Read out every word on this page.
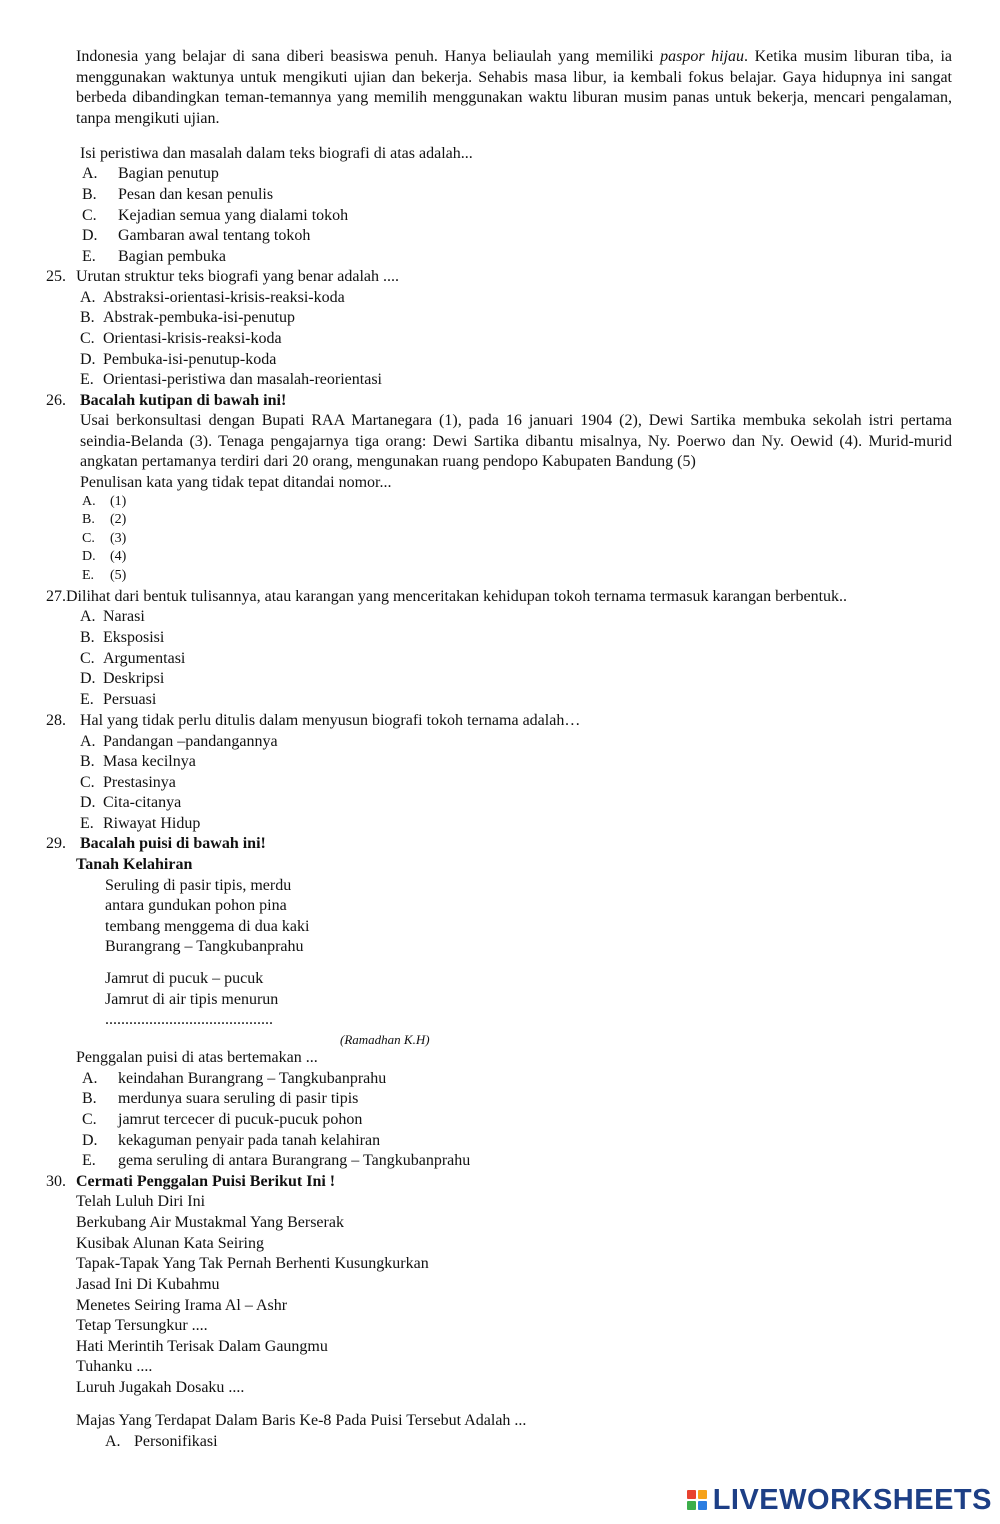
Indonesia yang belajar di sana diberi beasiswa penuh. Hanya beliaulah yang memiliki paspor hijau. Ketika musim liburan tiba, ia menggunakan waktunya untuk mengikuti ujian dan bekerja. Sehabis masa libur, ia kembali fokus belajar. Gaya hidupnya ini sangat berbeda dibandingkan teman-temannya yang memilih menggunakan waktu liburan musim panas untuk bekerja, mencari pengalaman, tanpa mengikuti ujian.

Isi peristiwa dan masalah dalam teks biografi di atas adalah...
A. Bagian penutup
B. Pesan dan kesan penulis
C. Kejadian semua yang dialami tokoh
D. Gambaran awal tentang tokoh
E. Bagian pembuka
25. Urutan struktur teks biografi yang benar adalah ....
A. Abstraksi-orientasi-krisis-reaksi-koda
B. Abstrak-pembuka-isi-penutup
C. Orientasi-krisis-reaksi-koda
D. Pembuka-isi-penutup-koda
E. Orientasi-peristiwa dan masalah-reorientasi
26. Bacalah kutipan di bawah ini!

Usai berkonsultasi dengan Bupati RAA Martanegara (1), pada 16 januari 1904 (2), Dewi Sartika membuka sekolah istri pertama seindia-Belanda (3). Tenaga pengajarnya tiga orang: Dewi Sartika dibantu misalnya, Ny. Poerwo dan Ny. Oewid (4). Murid-murid angkatan pertamanya terdiri dari 20 orang, mengunakan ruang pendopo Kabupaten Bandung (5)

Penulisan kata yang tidak tepat ditandai nomor...
A. (1)
B. (2)
C. (3)
D. (4)
E. (5)
27.Dilihat dari bentuk tulisannya, atau karangan yang menceritakan kehidupan tokoh ternama termasuk karangan berbentuk..
A. Narasi
B. Eksposisi
C. Argumentasi
D. Deskripsi
E. Persuasi
28. Hal yang tidak perlu ditulis dalam menyusun biografi tokoh ternama adalah…
A. Pandangan –pandangannya
B. Masa kecilnya
C. Prestasinya
D. Cita-citanya
E. Riwayat Hidup
29. Bacalah puisi di bawah ini!
Tanah Kelahiran
Seruling di pasir tipis, merdu
antara gundukan pohon pina
tembang menggema di dua kaki
Burangrang – Tangkubanprahu
Jamrut di pucuk – pucuk
Jamrut di air tipis menurun
..........................................
(Ramadhan K.H)
Penggalan puisi di atas bertemakan ...
A. keindahan Burangrang – Tangkubanprahu
B. merdunya suara seruling di pasir tipis
C. jamrut tercecer di pucuk-pucuk pohon
D. kekaguman penyair pada tanah kelahiran
E. gema seruling di antara Burangrang – Tangkubanprahu
30. Cermati Penggalan Puisi Berikut Ini !
Telah Luluh Diri Ini
Berkubang Air Mustakmal Yang Berserak
Kusibak Alunan Kata Seiring
Tapak-Tapak Yang Tak Pernah Berhenti Kusungkurkan
Jasad Ini Di Kubahmu
Menetes Seiring Irama Al – Ashr
Tetap Tersungkur ....
Hati Merintih Terisak Dalam Gaungmu
Tuhanku ....
Luruh Jugakah Dosaku ....
Majas Yang Terdapat Dalam Baris Ke-8 Pada Puisi Tersebut Adalah ...
A. Personifikasi
LIVEWORKSHEETS
